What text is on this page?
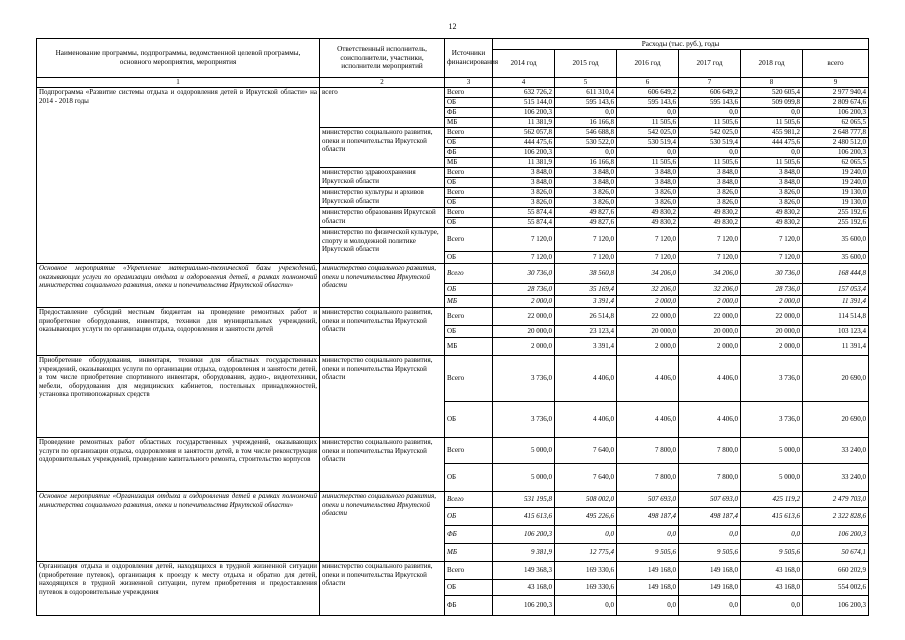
12
Наименование программы, подпрограммы, ведомственной целевой программы, основного мероприятия, мероприятия	Ответственный исполнитель, соисполнители, участники, исполнители мероприятий	Источники финансирования	Расходы (тыс. руб.), годы					
			2014 год	2015 год	2016 год	2017 год	2018 год	всего
1	2	3	4	5	6	7	8	9
Подпрограмма «Развитие системы отдыха и оздоровления детей в Иркутской области» на 2014 - 2018 годы	всего	Всего	632 726,2	611 310,4	606 649,2	606 649,2	520 605,4	2 977 940,4
		ОБ	515 144,0	595 143,6	595 143,6	595 143,6	509 099,8	2 809 674,6
		ФБ	106 200,3	0,0	0,0	0,0	0,0	106 200,3
		МБ	11 381,9	16 166,8	11 505,6	11 505,6	11 505,6	62 065,5
	министерство социального развития, опеки и попечительства Иркутской области	Всего	562 057,8	546 688,8	542 025,0	542 025,0	455 981,2	2 648 777,8
		ОБ	444 475,6	530 522,0	530 519,4	530 519,4	444 475,6	2 480 512,0
		ФБ	106 200,3	0,0	0,0	0,0	0,0	106 200,3
		МБ	11 381,9	16 166,8	11 505,6	11 505,6	11 505,6	62 065,5
	министерство здравоохранения Иркутской области	Всего	3 848,0	3 848,0	3 848,0	3 848,0	3 848,0	19 240,0
		ОБ	3 848,0	3 848,0	3 848,0	3 848,0	3 848,0	19 240,0
	министерство культуры и архивов Иркутской области	Всего	3 826,0	3 826,0	3 826,0	3 826,0	3 826,0	19 130,0
		ОБ	3 826,0	3 826,0	3 826,0	3 826,0	3 826,0	19 130,0
	министерство образования Иркутской области	Всего	55 874,4	49 827,6	49 830,2	49 830,2	49 830,2	255 192,6
		ОБ	55 874,4	49 827,6	49 830,2	49 830,2	49 830,2	255 192,6
	министерство по физической культуре, спорту и молодежной политике Иркутской области	Всего	7 120,0	7 120,0	7 120,0	7 120,0	7 120,0	35 600,0
		ОБ	7 120,0	7 120,0	7 120,0	7 120,0	7 120,0	35 600,0
Основное мероприятие «Укрепление материально-технической базы учреждений, оказывающих услуги по организации отдыха и оздоровления детей, в рамках полномочий министерства социального развития, опеки и попечительства Иркутской области»	министерство социального развития, опеки и попечительства Иркутской области	Всего	30 736,0	38 560,8	34 206,0	34 206,0	30 736,0	168 444,8
		ОБ	28 736,0	35 169,4	32 206,0	32 206,0	28 736,0	157 053,4
		МБ	2 000,0	3 391,4	2 000,0	2 000,0	2 000,0	11 391,4
Предоставление субсидий местным бюджетам на проведение ремонтных работ и приобретение оборудования, инвентаря, техники для муниципальных учреждений, оказывающих услуги по организации отдыха, оздоровления и занятости детей	министерство социального развития, опеки и попечительства Иркутской области	Всего	22 000,0	26 514,8	22 000,0	22 000,0	22 000,0	114 514,8
		ОБ	20 000,0	23 123,4	20 000,0	20 000,0	20 000,0	103 123,4
		МБ	2 000,0	3 391,4	2 000,0	2 000,0	2 000,0	11 391,4
Приобретение оборудования, инвентаря, техники для областных государственных учреждений, оказывающих услуги по организации отдыха, оздоровления и занятости детей, в том числе приобретение спортивного инвентаря, оборудования, аудио-, видеотехники, мебели, оборудования для медицинских кабинетов, постельных принадлежностей, установка противопожарных средств	министерство социального развития, опеки и попечительства Иркутской области	Всего	3 736,0	4 406,0	4 406,0	4 406,0	3 736,0	20 690,0
		ОБ	3 736,0	4 406,0	4 406,0	4 406,0	3 736,0	20 690,0
Проведение ремонтных работ областных государственных учреждений, оказывающих услуги по организации отдыха, оздоровления и занятости детей, в том числе реконструкция оздоровительных учреждений, проведение капитального ремонта, строительство корпусов	министерство социального развития, опеки и попечительства Иркутской области	Всего	5 000,0	7 640,0	7 800,0	7 800,0	5 000,0	33 240,0
		ОБ	5 000,0	7 640,0	7 800,0	7 800,0	5 000,0	33 240,0
Основное мероприятие «Организация отдыха и оздоровления детей в рамках полномочий министерства социального развития, опеки и попечительства Иркутской области»	министерство социального развития, опеки и попечительства Иркутской области	Всего	531 195,8	508 002,0	507 693,0	507 693,0	425 119,2	2 479 703,0
		ОБ	415 613,6	495 226,6	498 187,4	498 187,4	415 613,6	2 322 828,6
		ФБ	106 200,3	0,0	0,0	0,0	0,0	106 200,3
		МБ	9 381,9	12 775,4	9 505,6	9 505,6	9 505,6	50 674,1
Организация отдыха и оздоровления детей, находящихся в трудной жизненной ситуации (приобретение путевок), организация к проезду к месту отдыха и обратно для детей, находящихся в трудной жизненной ситуации, путем приобретения и предоставления путевок в оздоровительные учреждения	министерство социального развития, опеки и попечительства Иркутской области	Всего	149 368,3	169 330,6	149 168,0	149 168,0	43 168,0	660 202,9
		ОБ	43 168,0	169 330,6	149 168,0	149 168,0	43 168,0	554 002,6
		ФБ	106 200,3	0,0	0,0	0,0	0,0	106 200,3
